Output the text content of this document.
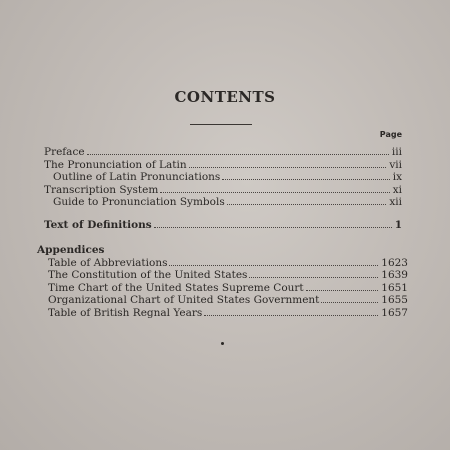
CONTENTS
Page
Preface	iii
The Pronunciation of Latin	vii
Outline of Latin Pronunciations	ix
Transcription System	xi
Guide to Pronunciation Symbols	xii
Text of Definitions	1
Appendices
Table of Abbreviations	1623
The Constitution of the United States	1639
Time Chart of the United States Supreme Court	1651
Organizational Chart of United States Government	1655
Table of British Regnal Years	1657
